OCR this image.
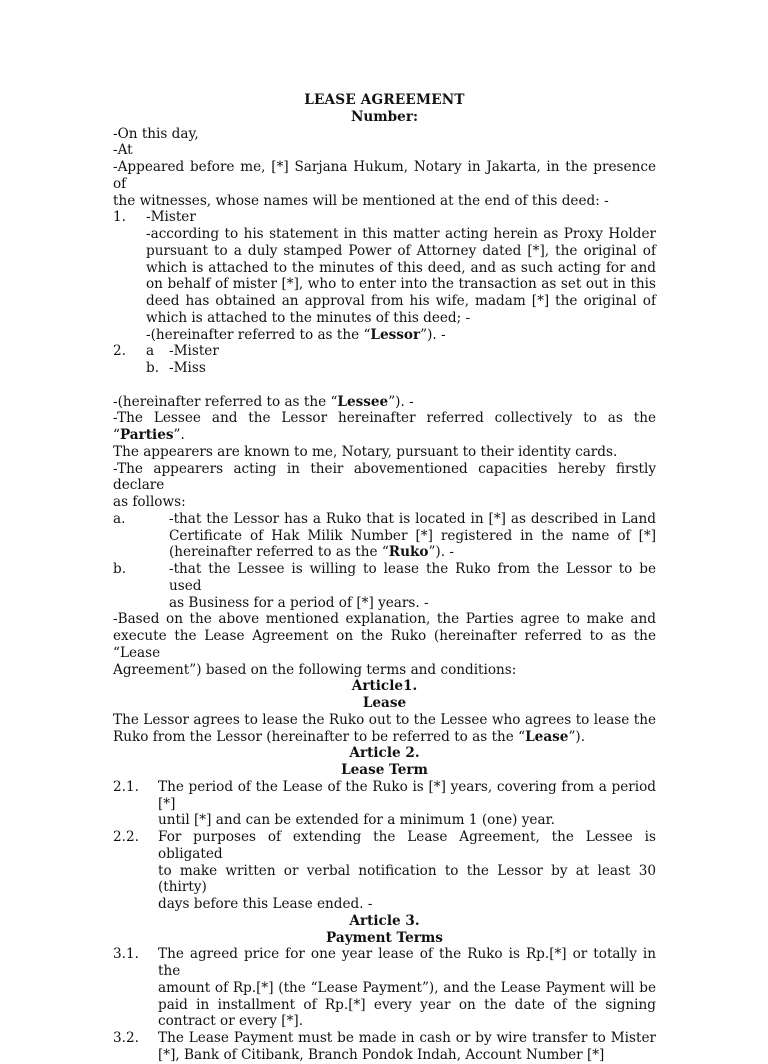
LEASE AGREEMENT
Number:
-On this day,
-At
-Appeared before me, [*] Sarjana Hukum, Notary in Jakarta, in the presence of
the witnesses, whose names will be mentioned at the end of this deed: -
1.	-Mister
-according to his statement in this matter acting herein as Proxy Holder
pursuant to a duly stamped Power of Attorney dated [*], the original of
which is attached to the minutes of this deed, and as such acting for and
on behalf of mister [*], who to enter into the transaction as set out in this
deed has obtained an approval from his wife, madam [*] the original of
which is attached to the minutes of this deed; -
-(hereinafter referred to as the “Lessor”). -
2.	a	-Mister
b. -Miss
-(hereinafter referred to as the “Lessee”). -
-The Lessee and the Lessor hereinafter referred collectively to as the “Parties”.
The appearers are known to me, Notary, pursuant to their identity cards.
-The appearers acting in their abovementioned capacities hereby firstly declare
as follows:
a.	-that the Lessor has a Ruko that is located in [*] as described in Land
Certificate of Hak Milik Number [*] registered in the name of [*]
(hereinafter referred to as the “Ruko”). -
b.	-that the Lessee is willing to lease the Ruko from the Lessor to be used
as Business for a period of [*] years. -
-Based on the above mentioned explanation, the Parties agree to make and
execute the Lease Agreement on the Ruko (hereinafter referred to as the “Lease
Agreement”) based on the following terms and conditions:
Article1.
Lease
The Lessor agrees to lease the Ruko out to the Lessee who agrees to lease the
Ruko from the Lessor (hereinafter to be referred to as the “Lease”).
Article 2.
Lease Term
2.1.	The period of the Lease of the Ruko is [*] years, covering from a period [*]
until [*] and can be extended for a minimum 1 (one) year.
2.2.	For purposes of extending the Lease Agreement, the Lessee is obligated
to make written or verbal notification to the Lessor by at least 30 (thirty)
days before this Lease ended. -
Article 3.
Payment Terms
3.1.	The agreed price for one year lease of the Ruko is Rp.[*] or totally in the
amount of Rp.[*] (the “Lease Payment”), and the Lease Payment will be
paid in installment of Rp.[*] every year on the date of the signing
contract or every [*].
3.2.	The Lease Payment must be made in cash or by wire transfer to Mister
[*], Bank of Citibank, Branch Pondok Indah, Account Number [*]
